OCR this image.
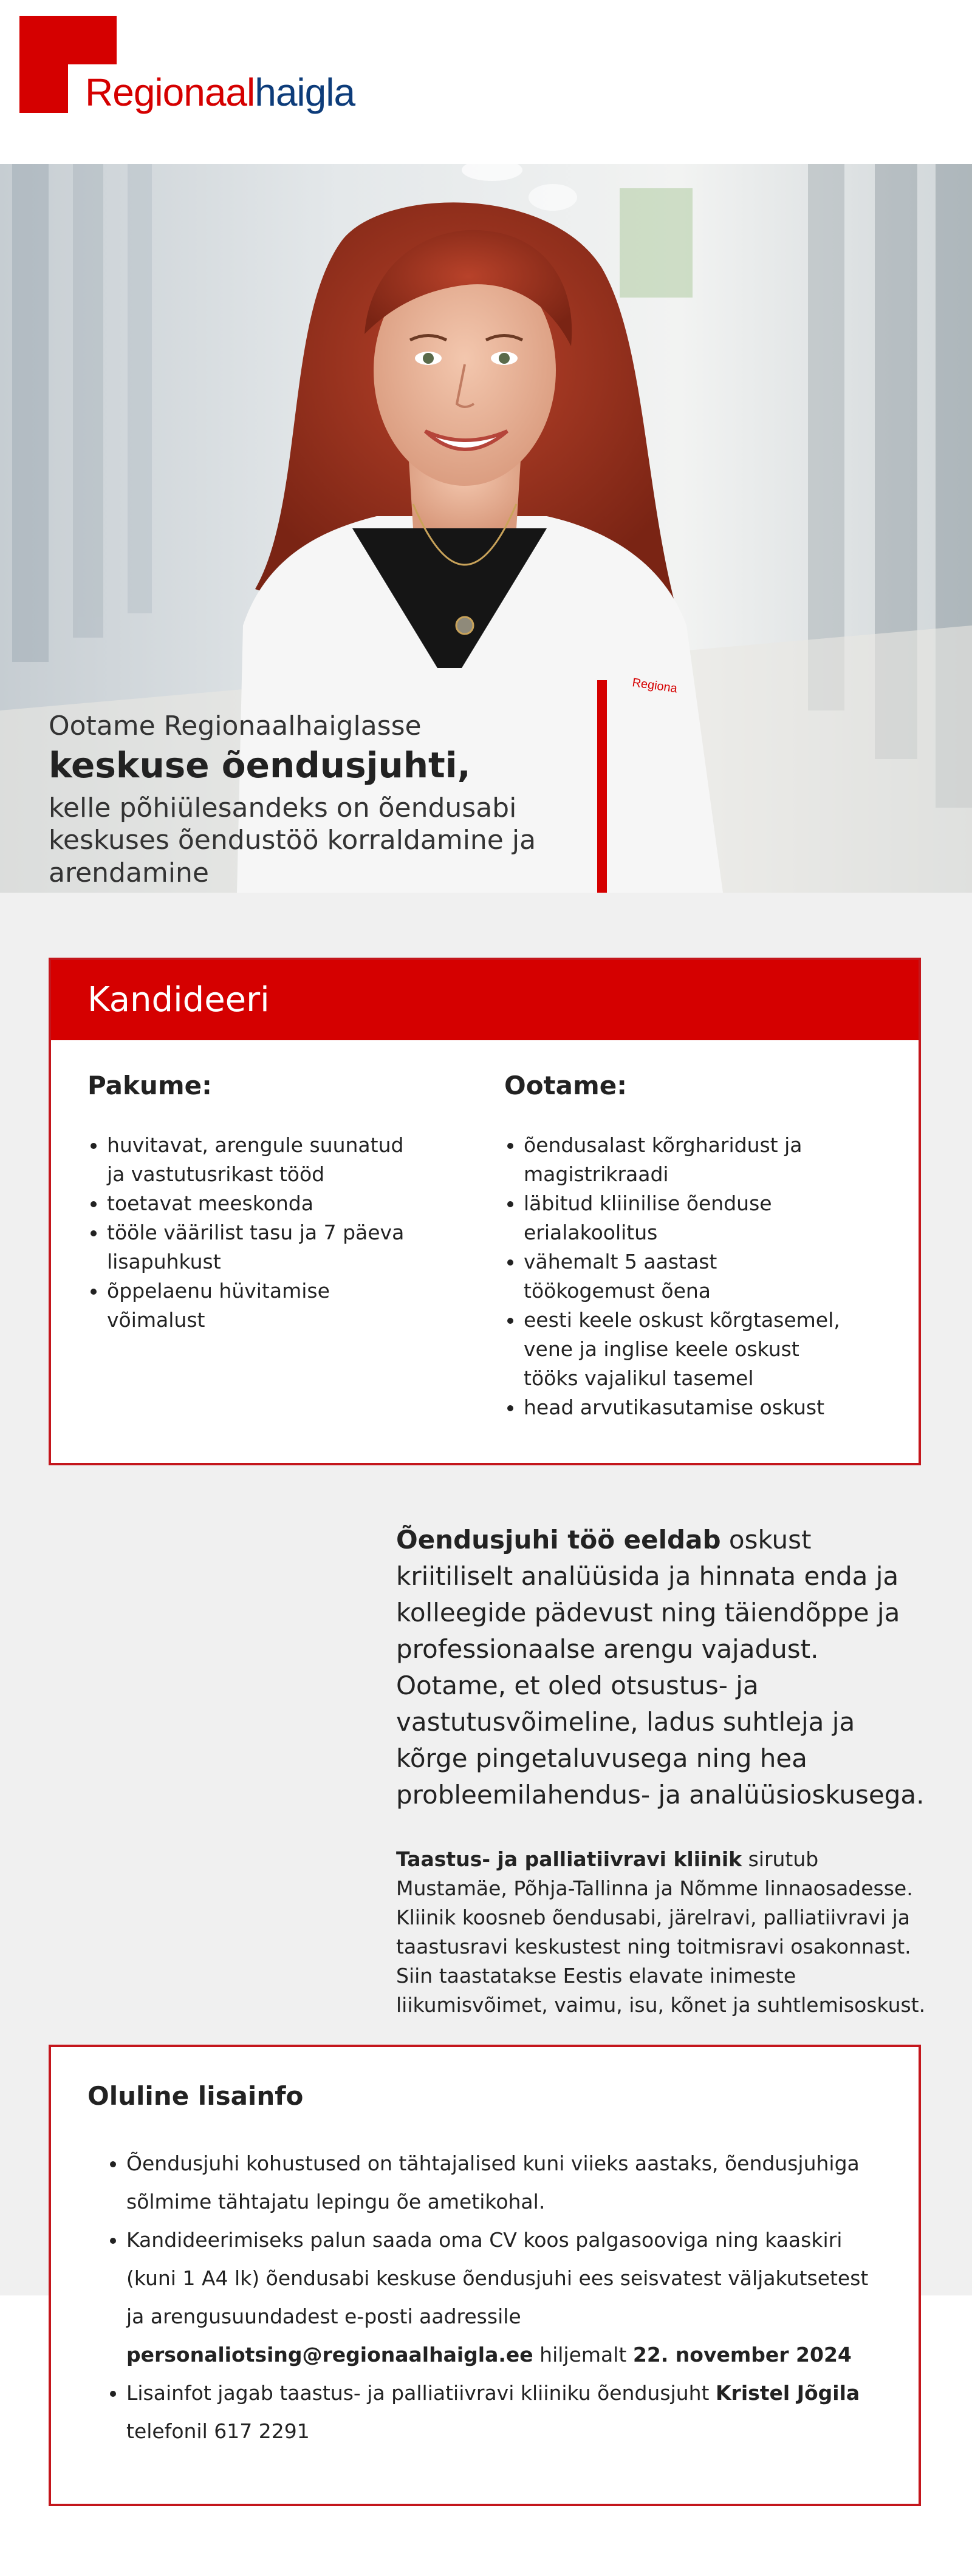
Regionaalhaigla
Regiona

Ootame Regionaalhaiglasse

keskuse õendusjuhti,

kelle põhiülesandeks on õendusabi keskuses õendustöö korraldamine ja arendamine

Kandideeri
Pakume:
• huvitavat, arengule suunatud ja vastutusrikast tööd
• toetavat meeskonda
• tööle väärilist tasu ja 7 päeva lisapuhkust
• õppelaenu hüvitamise võimalust
Ootame:
• õendusalast kõrgharidust ja magistrikraadi
• läbitud kliinilise õenduse erialakoolitus
• vähemalt 5 aastast töökogemust õena
• eesti keele oskust kõrgtasemel, vene ja inglise keele oskust tööks vajalikul tasemel
• head arvutikasutamise oskust

Õendusjuhi töö eeldab oskust kriitiliselt analüüsida ja hinnata enda ja kolleegide pädevust ning täiendõppe ja professionaalse arengu vajadust. Ootame, et oled otsustus- ja vastutusvõimeline, ladus suhtleja ja kõrge pingetaluvusega ning hea probleemilahendus- ja analüüsioskusega.

Taastus- ja palliatiivravi kliinik sirutub Mustamäe, Põhja-Tallinna ja Nõmme linnaosadesse. Kliinik koosneb õendusabi, järelravi, palliatiivravi ja taastusravi keskustest ning toitmisravi osakonnast. Siin taastatakse Eestis elavate inimeste liikumisvõimet, vaimu, isu, kõnet ja suhtlemisoskust.

Oluline lisainfo
• Õendusjuhi kohustused on tähtajalised kuni viieks aastaks, õendusjuhiga sõlmime tähtajatu lepingu õe ametikohal.
• Kandideerimiseks palun saada oma CV koos palgasooviga ning kaaskiri (kuni 1 A4 lk) õendusabi keskuse õendusjuhi ees seisvatest väljakutsetest ja arengusuundadest e-posti aadressile personaliotsing@regionaalhaigla.ee hiljemalt 22. november 2024
• Lisainfot jagab taastus- ja palliatiivravi kliiniku õendusjuht Kristel Jõgila telefonil 617 2291
